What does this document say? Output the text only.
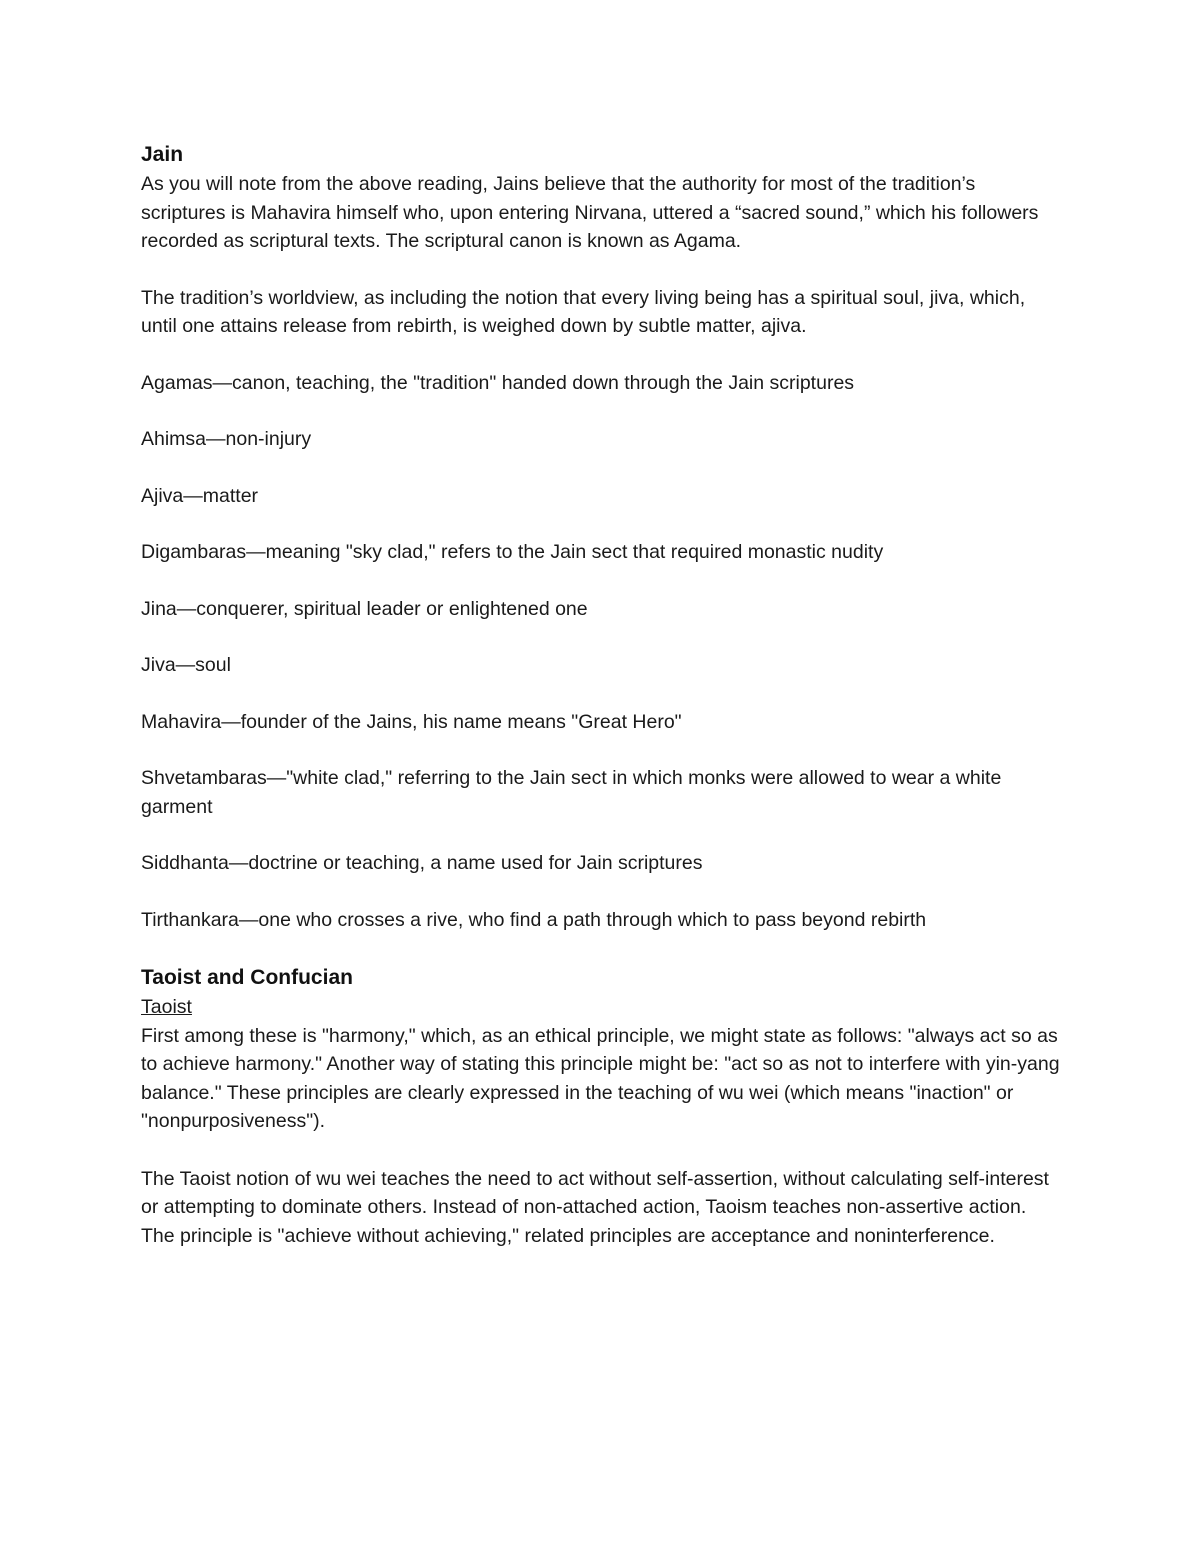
Jain

As you will note from the above reading, Jains believe that the authority for most of the tradition’s scriptures is Mahavira himself who, upon entering Nirvana, uttered a “sacred sound,” which his followers recorded as scriptural texts. The scriptural canon is known as Agama.

The tradition’s worldview, as including the notion that every living being has a spiritual soul, jiva, which, until one attains release from rebirth, is weighed down by subtle matter, ajiva.

Agamas—canon, teaching, the "tradition" handed down through the Jain scriptures

Ahimsa—non-injury

Ajiva—matter

Digambaras—meaning "sky clad," refers to the Jain sect that required monastic nudity

Jina—conquerer, spiritual leader or enlightened one

Jiva—soul

Mahavira—founder of the Jains, his name means "Great Hero"

Shvetambaras—"white clad," referring to the Jain sect in which monks were allowed to wear a white garment

Siddhanta—doctrine or teaching, a name used for Jain scriptures

Tirthankara—one who crosses a rive, who find a path through which to pass beyond rebirth

Taoist and Confucian

Taoist

First among these is "harmony," which, as an ethical principle, we might state as follows: "always act so as to achieve harmony." Another way of stating this principle might be: "act so as not to interfere with yin-yang balance." These principles are clearly expressed in the teaching of wu wei (which means "inaction" or "nonpurposiveness").

The Taoist notion of wu wei teaches the need to act without self-assertion, without calculating self-interest or attempting to dominate others. Instead of non-attached action, Taoism teaches non-assertive action. The principle is "achieve without achieving," related principles are acceptance and noninterference.
